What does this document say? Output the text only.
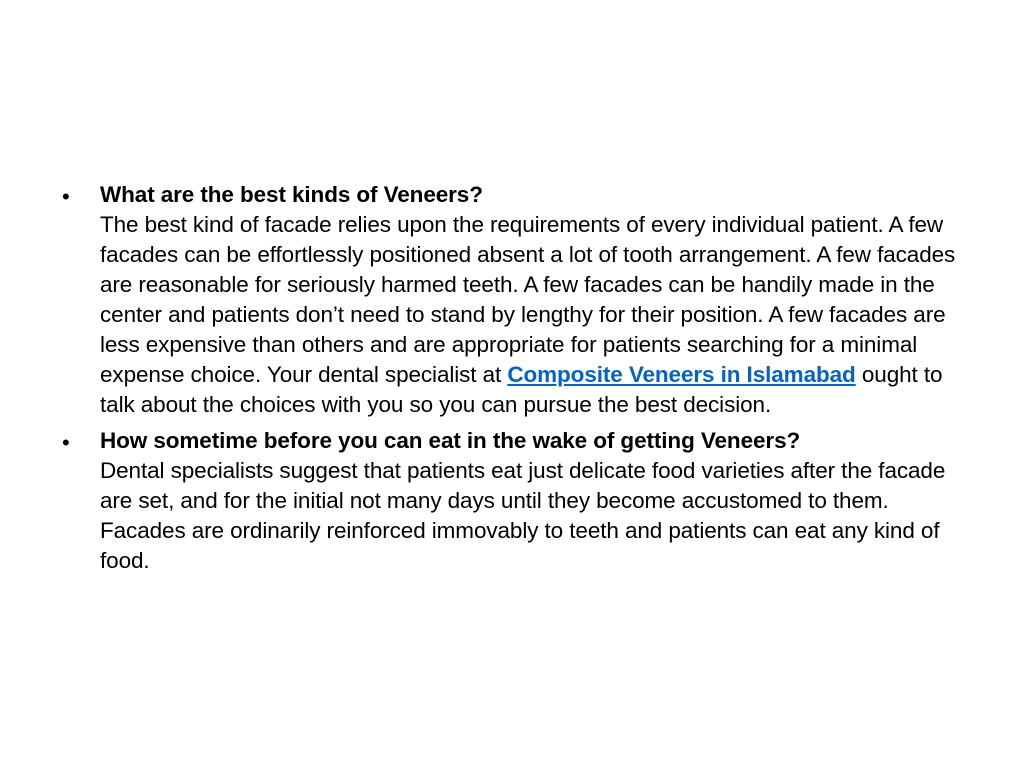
• What are the best kinds of Veneers?
The best kind of facade relies upon the requirements of every individual patient. A few facades can be effortlessly positioned absent a lot of tooth arrangement. A few facades are reasonable for seriously harmed teeth. A few facades can be handily made in the center and patients don’t need to stand by lengthy for their position. A few facades are less expensive than others and are appropriate for patients searching for a minimal expense choice. Your dental specialist at Composite Veneers in Islamabad ought to talk about the choices with you so you can pursue the best decision.
• How sometime before you can eat in the wake of getting Veneers?
Dental specialists suggest that patients eat just delicate food varieties after the facade are set, and for the initial not many days until they become accustomed to them. Facades are ordinarily reinforced immovably to teeth and patients can eat any kind of food.
